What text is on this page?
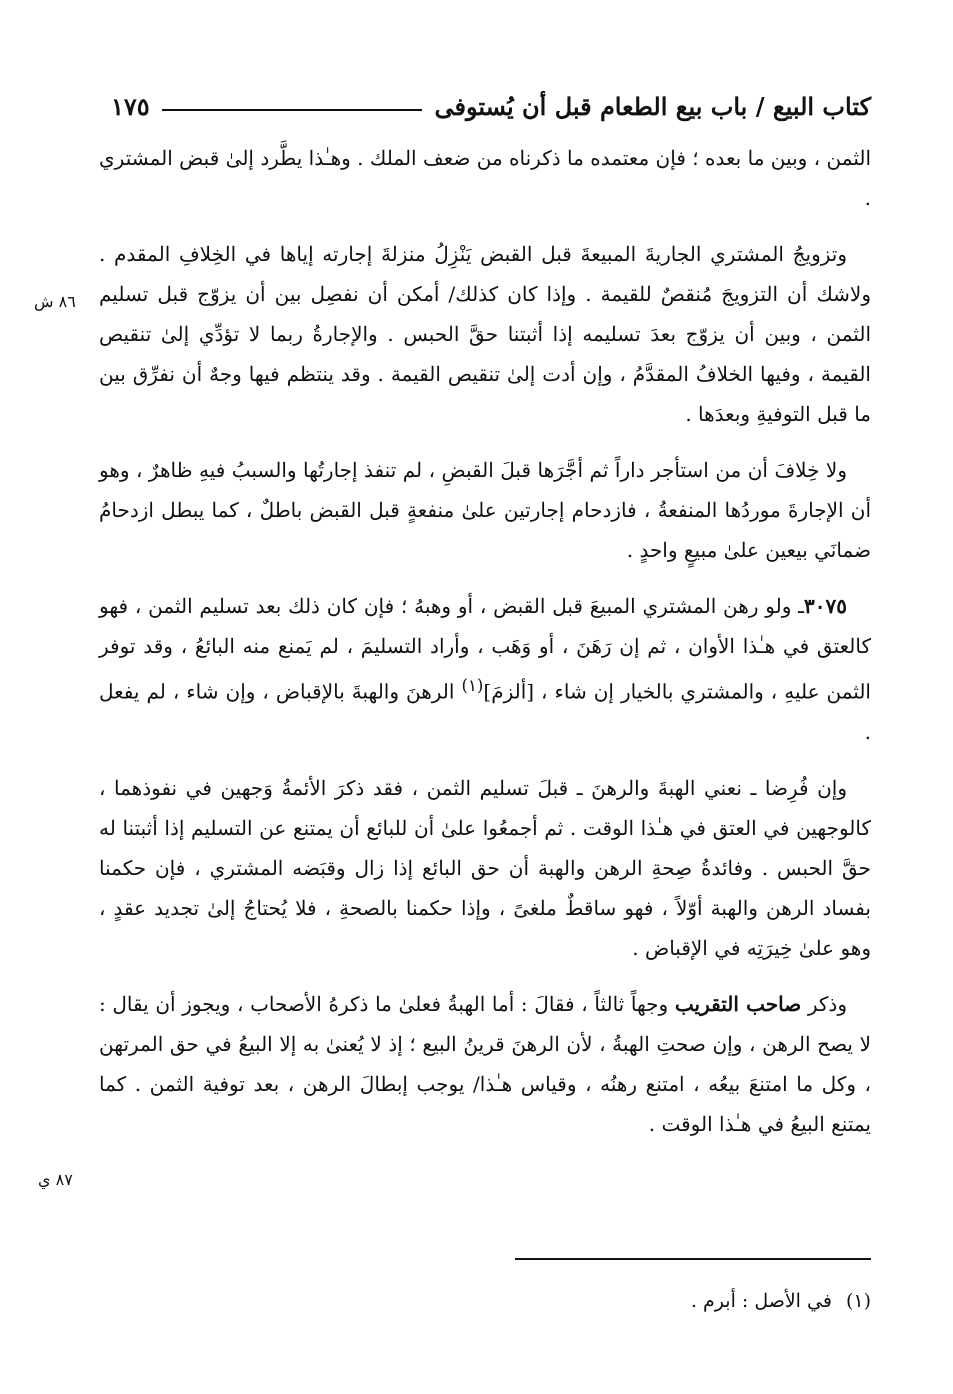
كتاب البيع / باب بيع الطعام قبل أن يُستوفى
١٧٥

الثمن ، وبين ما بعده ؛ فإن معتمده ما ذكرناه من ضعف الملك . وهـٰذا يطَّرد إلىٰ قبض المشتري .

وتزويجُ المشتري الجاريةَ المبيعةَ قبل القبض يَنْزِلُ منزلةَ إجارته إياها في الخِلافِ المقدم . ولاشك أن التزويجَ مُنقصٌ للقيمة . وإذا كان كذلك/ أمكن أن نفصِل بين أن يزوّج قبل تسليم الثمن ، وبين أن يزوّج بعدَ تسليمه إذا أثبتنا حقَّ الحبس . والإجارةُ ربما لا تؤدِّي إلىٰ تنقيص القيمة ، وفيها الخلافُ المقدَّمُ ، وإن أدت إلىٰ تنقيص القيمة . وقد ينتظم فيها وجهٌ أن نفرِّق بين ما قبل التوفيةِ وبعدَها .

ولا خِلافَ أن من استأجر داراً ثم أجَّرَها قبلَ القبضِ ، لم تنفذ إجارتُها والسببُ فيهِ ظاهرٌ ، وهو أن الإجارةَ موردُها المنفعةُ ، فازدحام إجارتين علىٰ منفعةٍ قبل القبض باطلٌ ، كما يبطل ازدحامُ ضمانَي بيعين علىٰ مبيعٍ واحدٍ .

٣٠٧٥ـ ولو رهن المشتري المبيعَ قبل القبض ، أو وهبهُ ؛ فإن كان ذلك بعد تسليم الثمن ، فهو كالعتق في هـٰذا الأوان ، ثم إن رَهَنَ ، أو وَهَب ، وأراد التسليمَ ، لم يَمنع منه البائعُ ، وقد توفر الثمن عليهِ ، والمشتري بالخيار إن شاء ، [ألزمَ]$^{(١)}$ الرهنَ والهبةَ بالإقباض ، وإن شاء ، لم يفعل .

وإن فُرِضا ـ نعني الهبةَ والرهنَ ـ قبلَ تسليم الثمن ، فقد ذكرَ الأئمةُ وَجهين في نفوذهما ، كالوجهين في العتق في هـٰذا الوقت . ثم أجمعُوا علىٰ أن للبائع أن يمتنع عن التسليم إذا أثبتنا له حقَّ الحبس . وفائدةُ صِحةِ الرهن والهبة أن حق البائع إذا زال وقبَضه المشتري ، فإن حكمنا بفساد الرهن والهبة أوّلاً ، فهو ساقطٌ ملغىً ، وإذا حكمنا بالصحةِ ، فلا يُحتاجُ إلىٰ تجديد عقدٍ ، وهو علىٰ خِيرَتِه في الإقباض .

وذكر صاحب التقريب وجهاً ثالثاً ، فقالَ : أما الهبةُ فعلىٰ ما ذكرهُ الأصحاب ، ويجوز أن يقال : لا يصح الرهن ، وإن صحتِ الهبةُ ، لأن الرهنَ قرينُ البيع ؛ إذ لا يُعنىٰ به إلا البيعُ في حق المرتهن ، وكل ما امتنعَ بيعُه ، امتنع رهنُه ، وقياس هـٰذا/ يوجب إبطالَ الرهن ، بعد توفية الثمن . كما يمتنع البيعُ في هـٰذا الوقت .

٨٦ ش
٨٧ ي
(١)في الأصل : أبرم .
